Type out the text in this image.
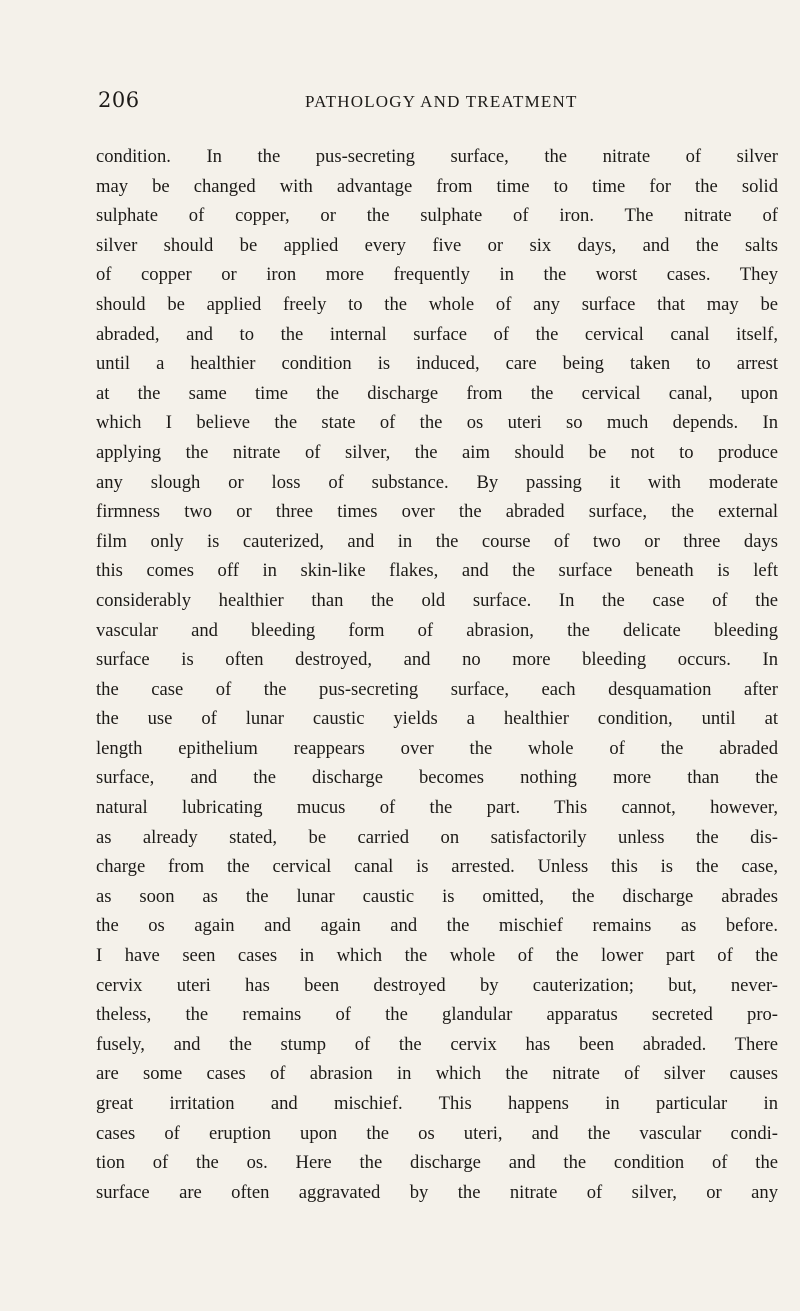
206	PATHOLOGY AND TREATMENT
condition. In the pus-secreting surface, the nitrate of silver
may be changed with advantage from time to time for the solid
sulphate of copper, or the sulphate of iron. The nitrate of
silver should be applied every five or six days, and the salts
of copper or iron more frequently in the worst cases. They
should be applied freely to the whole of any surface that may be
abraded, and to the internal surface of the cervical canal itself,
until a healthier condition is induced, care being taken to arrest
at the same time the discharge from the cervical canal, upon
which I believe the state of the os uteri so much depends. In
applying the nitrate of silver, the aim should be not to produce
any slough or loss of substance. By passing it with moderate
firmness two or three times over the abraded surface, the external
film only is cauterized, and in the course of two or three days
this comes off in skin-like flakes, and the surface beneath is left
considerably healthier than the old surface. In the case of the
vascular and bleeding form of abrasion, the delicate bleeding
surface is often destroyed, and no more bleeding occurs. In
the case of the pus-secreting surface, each desquamation after
the use of lunar caustic yields a healthier condition, until at
length epithelium reappears over the whole of the abraded
surface, and the discharge becomes nothing more than the
natural lubricating mucus of the part. This cannot, however,
as already stated, be carried on satisfactorily unless the dis-
charge from the cervical canal is arrested. Unless this is the case,
as soon as the lunar caustic is omitted, the discharge abrades
the os again and again and the mischief remains as before.
I have seen cases in which the whole of the lower part of the
cervix uteri has been destroyed by cauterization; but, never-
theless, the remains of the glandular apparatus secreted pro-
fusely, and the stump of the cervix has been abraded. There
are some cases of abrasion in which the nitrate of silver causes
great irritation and mischief. This happens in particular in
cases of eruption upon the os uteri, and the vascular condi-
tion of the os. Here the discharge and the condition of the
surface are often aggravated by the nitrate of silver, or any
